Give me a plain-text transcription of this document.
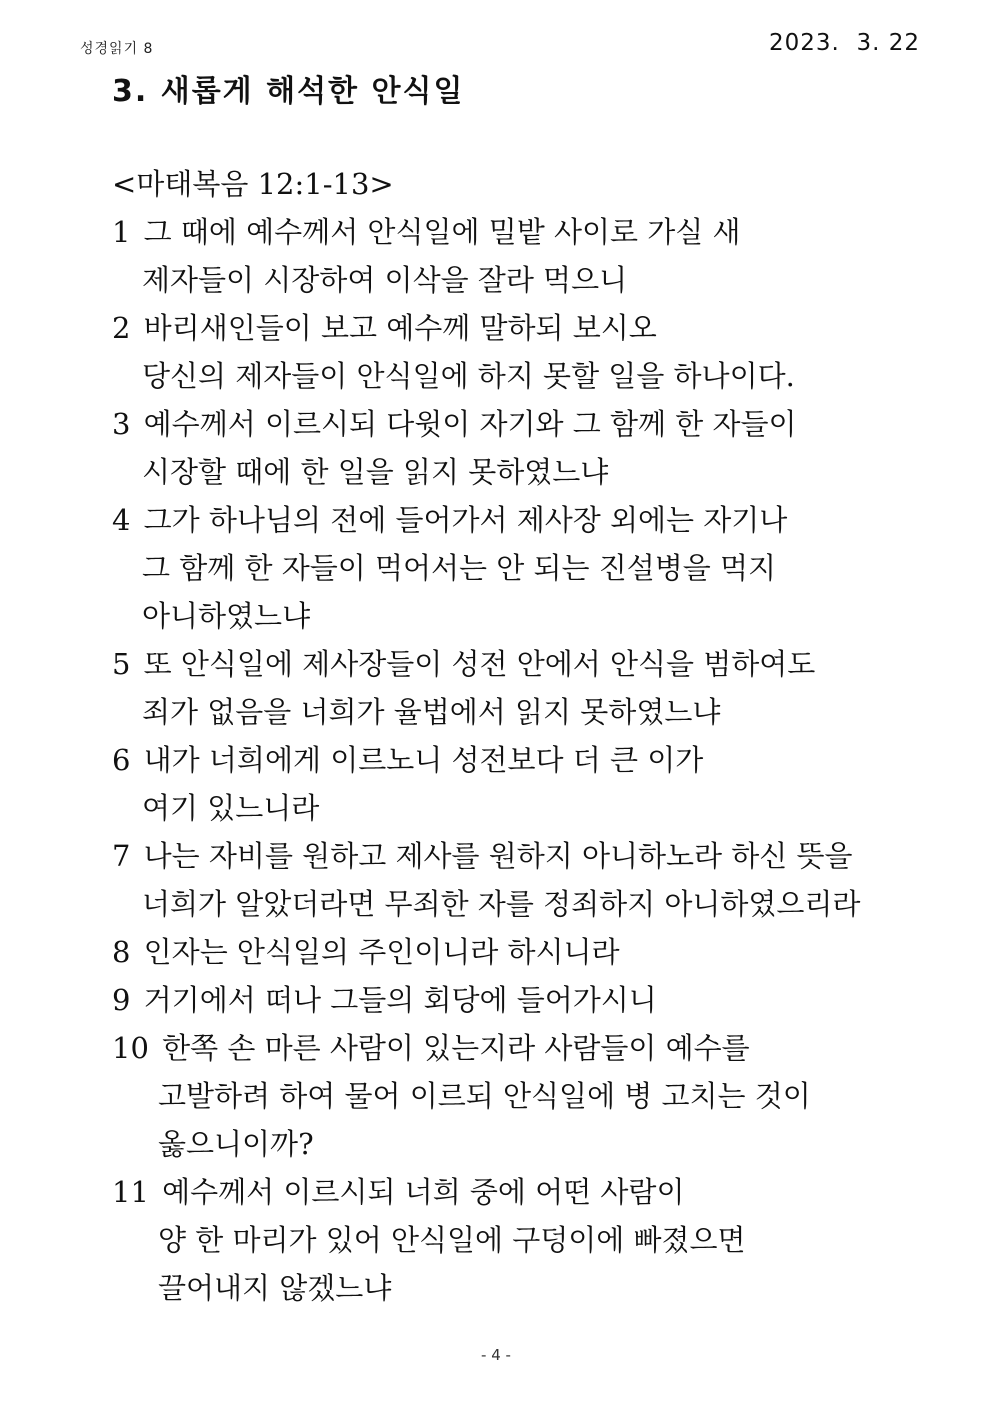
성경읽기 8	2023.  3. 22
3. 새롭게 해석한 안식일
<마태복음 12:1-13>
1 그 때에 예수께서 안식일에 밀밭 사이로 가실 새
제자들이 시장하여 이삭을 잘라 먹으니
2 바리새인들이 보고 예수께 말하되 보시오
당신의 제자들이 안식일에 하지 못할 일을 하나이다.
3 예수께서 이르시되 다윗이 자기와 그 함께 한 자들이
시장할 때에 한 일을 읽지 못하였느냐
4 그가 하나님의 전에 들어가서 제사장 외에는 자기나
그 함께 한 자들이 먹어서는 안 되는 진설병을 먹지
아니하였느냐
5 또 안식일에 제사장들이 성전 안에서 안식을 범하여도
죄가 없음을 너희가 율법에서 읽지 못하였느냐
6 내가 너희에게 이르노니 성전보다 더 큰 이가
여기 있느니라
7 나는 자비를 원하고 제사를 원하지 아니하노라 하신 뜻을
너희가 알았더라면 무죄한 자를 정죄하지 아니하였으리라
8 인자는 안식일의 주인이니라 하시니라
9 거기에서 떠나 그들의 회당에 들어가시니
10 한쪽 손 마른 사람이 있는지라 사람들이 예수를
고발하려 하여 물어 이르되 안식일에 병 고치는 것이
옳으니이까?
11 예수께서 이르시되 너희 중에 어떤 사람이
양 한 마리가 있어 안식일에 구덩이에 빠졌으면
끌어내지 않겠느냐
- 4 -
